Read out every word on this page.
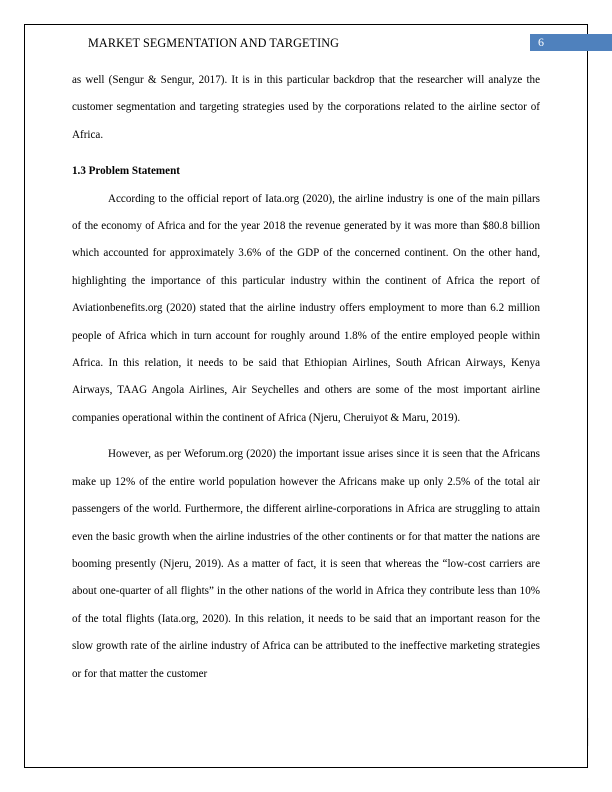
MARKET SEGMENTATION AND TARGETING	6

as well (Sengur & Sengur, 2017). It is in this particular backdrop that the researcher will analyze the customer segmentation and targeting strategies used by the corporations related to the airline sector of Africa.

1.3 Problem Statement

According to the official report of Iata.org (2020), the airline industry is one of the main pillars of the economy of Africa and for the year 2018 the revenue generated by it was more than $80.8 billion which accounted for approximately 3.6% of the GDP of the concerned continent. On the other hand, highlighting the importance of this particular industry within the continent of Africa the report of Aviationbenefits.org (2020) stated that the airline industry offers employment to more than 6.2 million people of Africa which in turn account for roughly around 1.8% of the entire employed people within Africa. In this relation, it needs to be said that Ethiopian Airlines, South African Airways, Kenya Airways, TAAG Angola Airlines, Air Seychelles and others are some of the most important airline companies operational within the continent of Africa (Njeru, Cheruiyot & Maru, 2019).

However, as per Weforum.org (2020) the important issue arises since it is seen that the Africans make up 12% of the entire world population however the Africans make up only 2.5% of the total air passengers of the world. Furthermore, the different airline-corporations in Africa are struggling to attain even the basic growth when the airline industries of the other continents or for that matter the nations are booming presently (Njeru, 2019). As a matter of fact, it is seen that whereas the “low-cost carriers are about one-quarter of all flights” in the other nations of the world in Africa they contribute less than 10% of the total flights (Iata.org, 2020). In this relation, it needs to be said that an important reason for the slow growth rate of the airline industry of Africa can be attributed to the ineffective marketing strategies or for that matter the customer
